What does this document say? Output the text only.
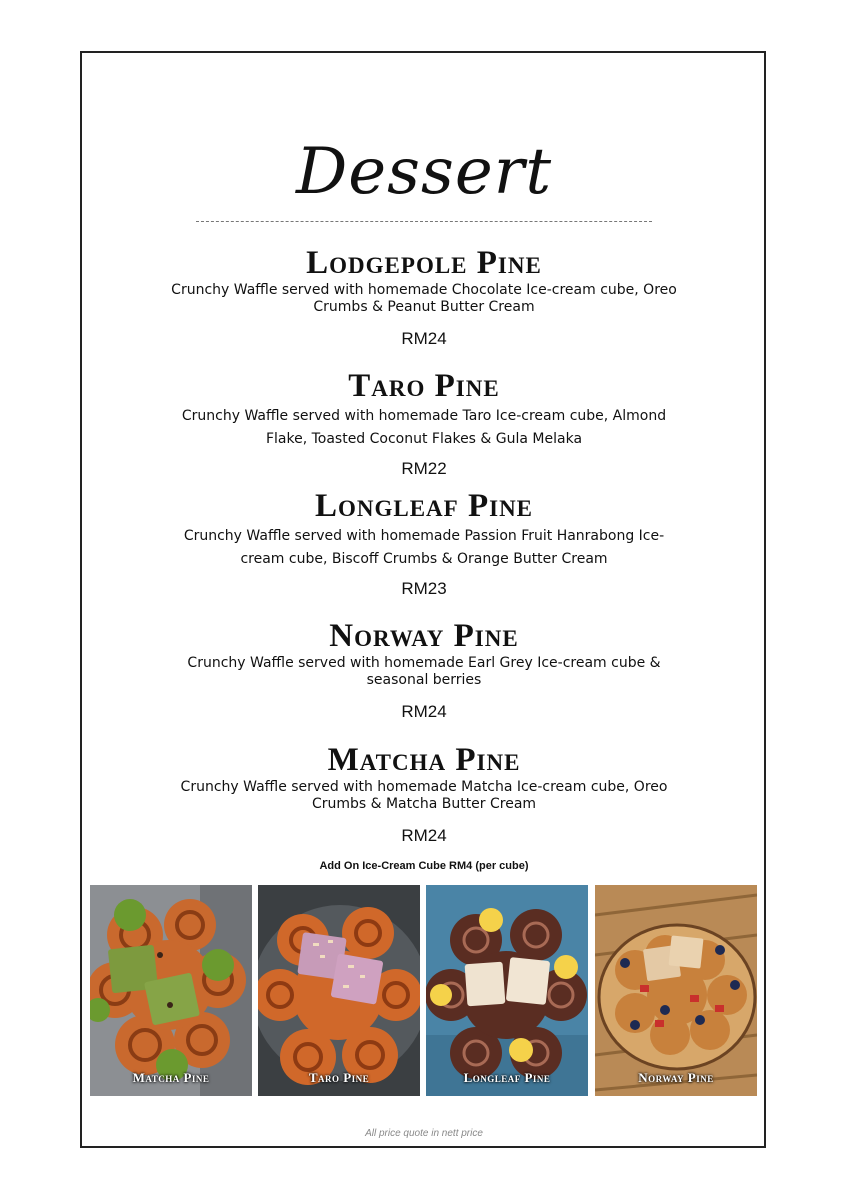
Dessert
Lodgepole Pine
Crunchy Waffle served with homemade Chocolate Ice-cream cube, Oreo Crumbs & Peanut Butter Cream
RM24
Taro Pine
Crunchy Waffle served with homemade Taro Ice-cream cube, Almond Flake, Toasted Coconut Flakes & Gula Melaka
RM22
Longleaf Pine
Crunchy Waffle served with homemade Passion Fruit Hanrabong Ice-cream cube, Biscoff Crumbs & Orange Butter Cream
RM23
Norway Pine
Crunchy Waffle served with homemade Earl Grey Ice-cream cube & seasonal berries
RM24
Matcha Pine
Crunchy Waffle served with homemade Matcha Ice-cream cube, Oreo Crumbs & Matcha Butter Cream
RM24
Add On Ice-Cream Cube RM4 (per cube)
Matcha Pine	Taro Pine	Longleaf Pine	Norway Pine
All price quote in nett price
